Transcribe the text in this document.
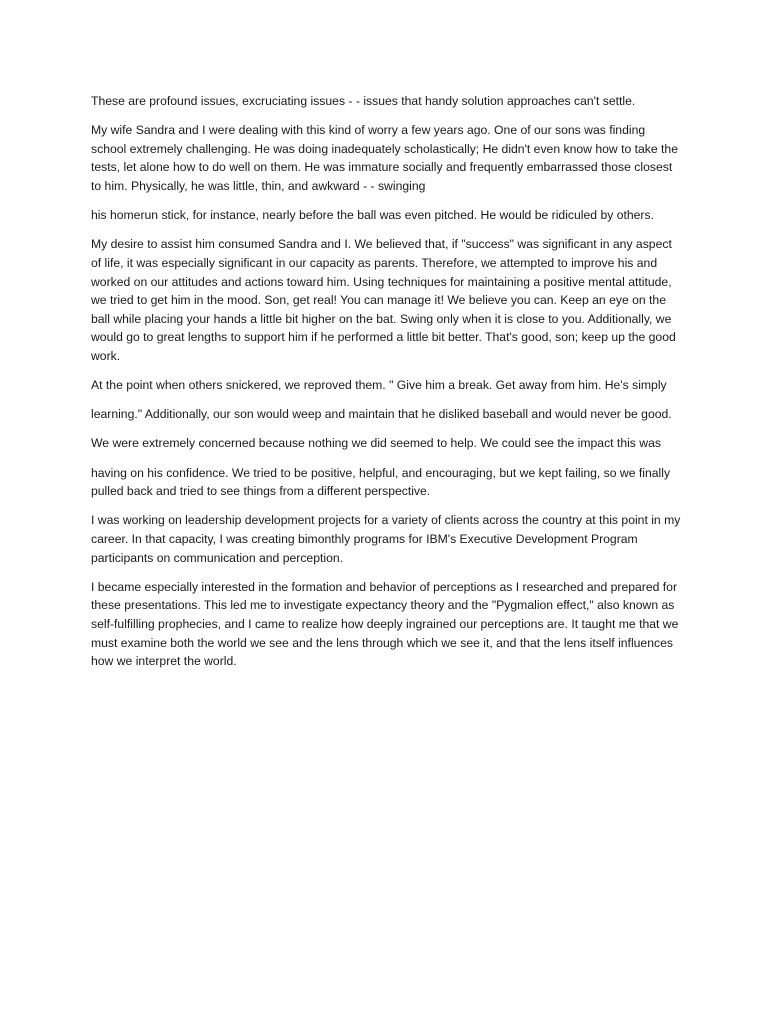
These are profound issues, excruciating issues - - issues that handy solution approaches can't settle.

My wife Sandra and I were dealing with this kind of worry a few years ago. One of our sons was finding school extremely challenging. He was doing inadequately scholastically; He didn't even know how to take the tests, let alone how to do well on them. He was immature socially and frequently embarrassed those closest to him. Physically, he was little, thin, and awkward - - swinging

his homerun stick, for instance, nearly before the ball was even pitched. He would be ridiculed by others.

My desire to assist him consumed Sandra and I. We believed that, if "success" was significant in any aspect of life, it was especially significant in our capacity as parents. Therefore, we attempted to improve his and worked on our attitudes and actions toward him. Using techniques for maintaining a positive mental attitude, we tried to get him in the mood. Son, get real! You can manage it! We believe you can. Keep an eye on the ball while placing your hands a little bit higher on the bat. Swing only when it is close to you. Additionally, we would go to great lengths to support him if he performed a little bit better. That's good, son; keep up the good work.

At the point when others snickered, we reproved them. " Give him a break. Get away from him. He's simply

learning." Additionally, our son would weep and maintain that he disliked baseball and would never be good.

We were extremely concerned because nothing we did seemed to help. We could see the impact this was

having on his confidence. We tried to be positive, helpful, and encouraging, but we kept failing, so we finally pulled back and tried to see things from a different perspective.

I was working on leadership development projects for a variety of clients across the country at this point in my career. In that capacity, I was creating bimonthly programs for IBM's Executive Development Program participants on communication and perception.

I became especially interested in the formation and behavior of perceptions as I researched and prepared for these presentations. This led me to investigate expectancy theory and the "Pygmalion effect," also known as self-fulfilling prophecies, and I came to realize how deeply ingrained our perceptions are. It taught me that we must examine both the world we see and the lens through which we see it, and that the lens itself influences how we interpret the world.
